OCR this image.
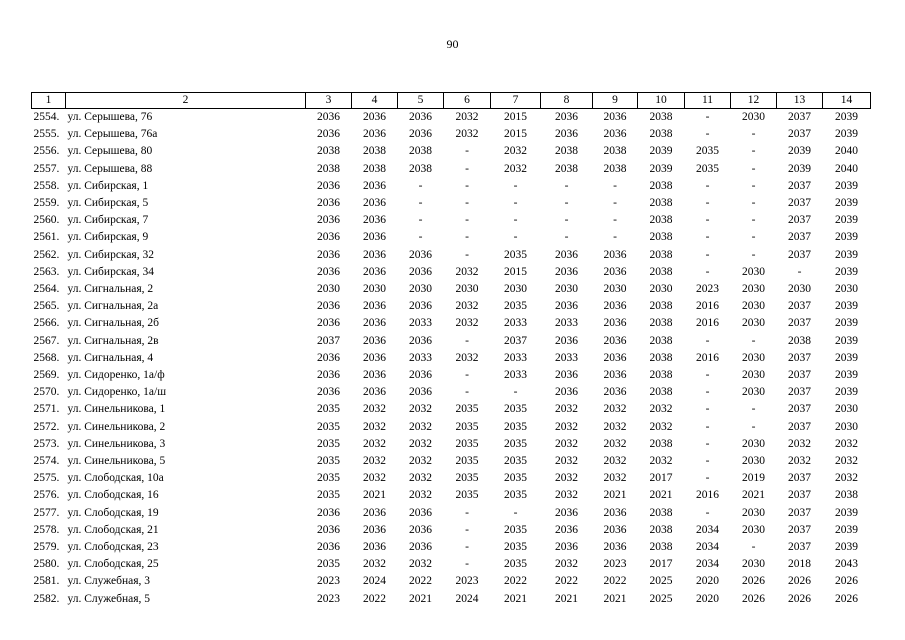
90
1	2	3	4	5	6	7	8	9	10	11	12	13	14
2554.	ул. Серышева, 76	2036	2036	2036	2032	2015	2036	2036	2038	-	2030	2037	2039
2555.	ул. Серышева, 76а	2036	2036	2036	2032	2015	2036	2036	2038	-	-	2037	2039
2556.	ул. Серышева, 80	2038	2038	2038	-	2032	2038	2038	2039	2035	-	2039	2040
2557.	ул. Серышева, 88	2038	2038	2038	-	2032	2038	2038	2039	2035	-	2039	2040
2558.	ул. Сибирская, 1	2036	2036	-	-	-	-	-	2038	-	-	2037	2039
2559.	ул. Сибирская, 5	2036	2036	-	-	-	-	-	2038	-	-	2037	2039
2560.	ул. Сибирская, 7	2036	2036	-	-	-	-	-	2038	-	-	2037	2039
2561.	ул. Сибирская, 9	2036	2036	-	-	-	-	-	2038	-	-	2037	2039
2562.	ул. Сибирская, 32	2036	2036	2036	-	2035	2036	2036	2038	-	-	2037	2039
2563.	ул. Сибирская, 34	2036	2036	2036	2032	2015	2036	2036	2038	-	2030	-	2039
2564.	ул. Сигнальная, 2	2030	2030	2030	2030	2030	2030	2030	2030	2023	2030	2030	2030
2565.	ул. Сигнальная, 2а	2036	2036	2036	2032	2035	2036	2036	2038	2016	2030	2037	2039
2566.	ул. Сигнальная, 2б	2036	2036	2033	2032	2033	2033	2036	2038	2016	2030	2037	2039
2567.	ул. Сигнальная, 2в	2037	2036	2036	-	2037	2036	2036	2038	-	-	2038	2039
2568.	ул. Сигнальная, 4	2036	2036	2033	2032	2033	2033	2036	2038	2016	2030	2037	2039
2569.	ул. Сидоренко, 1а/ф	2036	2036	2036	-	2033	2036	2036	2038	-	2030	2037	2039
2570.	ул. Сидоренко, 1а/ш	2036	2036	2036	-	-	2036	2036	2038	-	2030	2037	2039
2571.	ул. Синельникова, 1	2035	2032	2032	2035	2035	2032	2032	2032	-	-	2037	2030
2572.	ул. Синельникова, 2	2035	2032	2032	2035	2035	2032	2032	2032	-	-	2037	2030
2573.	ул. Синельникова, 3	2035	2032	2032	2035	2035	2032	2032	2038	-	2030	2032	2032
2574.	ул. Синельникова, 5	2035	2032	2032	2035	2035	2032	2032	2032	-	2030	2032	2032
2575.	ул. Слободская, 10а	2035	2032	2032	2035	2035	2032	2032	2017	-	2019	2037	2032
2576.	ул. Слободская, 16	2035	2021	2032	2035	2035	2032	2021	2021	2016	2021	2037	2038
2577.	ул. Слободская, 19	2036	2036	2036	-	-	2036	2036	2038	-	2030	2037	2039
2578.	ул. Слободская, 21	2036	2036	2036	-	2035	2036	2036	2038	2034	2030	2037	2039
2579.	ул. Слободская, 23	2036	2036	2036	-	2035	2036	2036	2038	2034	-	2037	2039
2580.	ул. Слободская, 25	2035	2032	2032	-	2035	2032	2023	2017	2034	2030	2018	2043
2581.	ул. Служебная, 3	2023	2024	2022	2023	2022	2022	2022	2025	2020	2026	2026	2026
2582.	ул. Служебная, 5	2023	2022	2021	2024	2021	2021	2021	2025	2020	2026	2026	2026
